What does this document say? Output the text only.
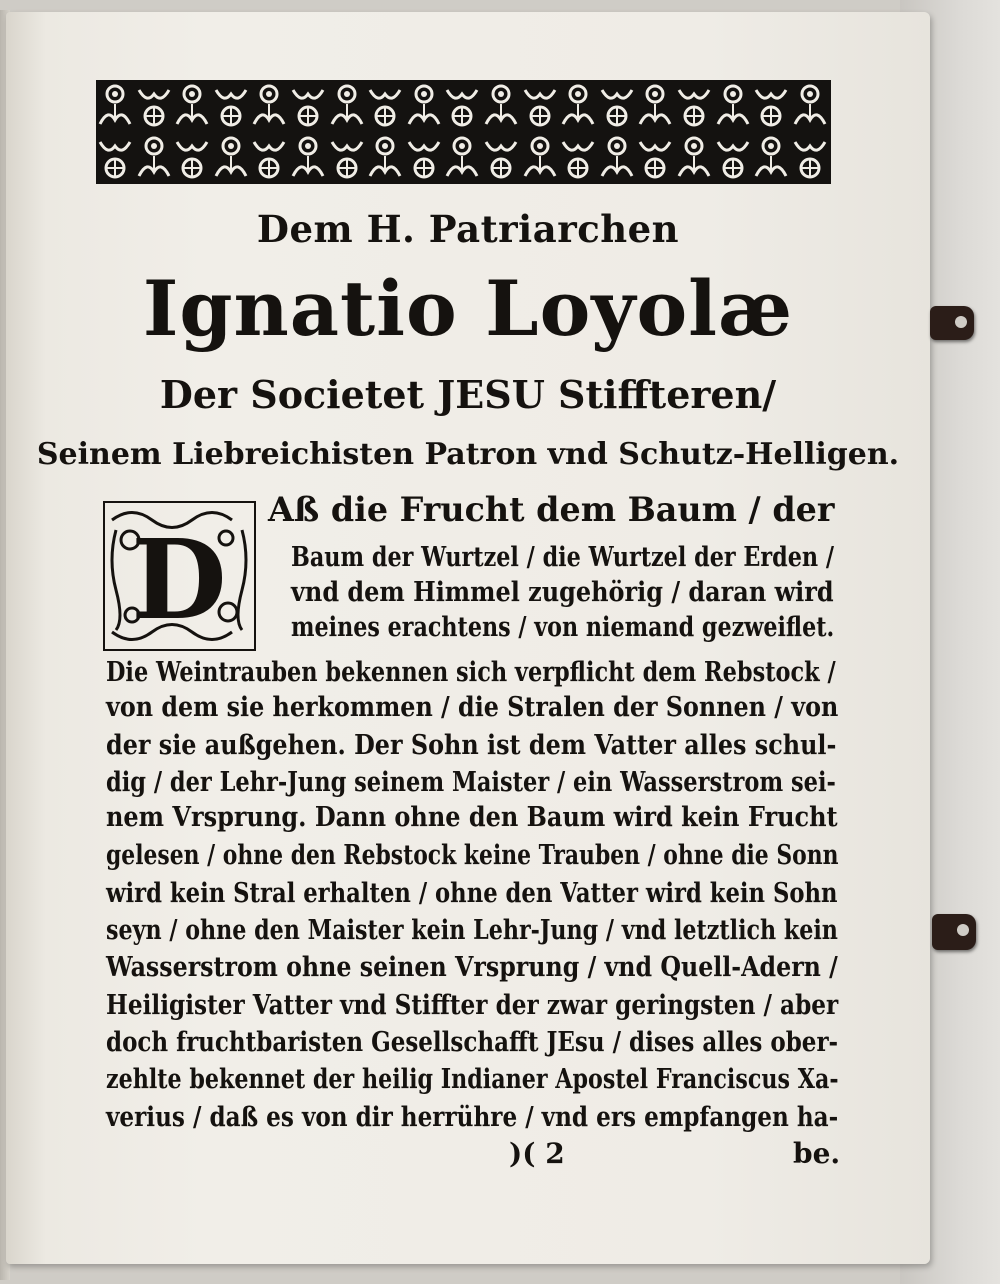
Dem H. Patriarchen
Ignatio Loyolæ
Der Societet JESU Stiffteren/
Seinem Liebreichisten Patron vnd Schutz-Helligen.
D
Aß die Frucht dem Baum / der
Baum der Wurtzel / die Wurtzel der Erden /
vnd dem Himmel zugehörig / daran wird
meines erachtens / von niemand gezweiflet.
Die Weintrauben bekennen sich verpflicht dem Rebstock /
von dem sie herkommen / die Stralen der Sonnen / von
der sie außgehen. Der Sohn ist dem Vatter alles schul-
dig / der Lehr-Jung seinem Maister / ein Wasserstrom sei-
nem Vrsprung. Dann ohne den Baum wird kein Frucht
gelesen / ohne den Rebstock keine Trauben / ohne die Sonn
wird kein Stral erhalten / ohne den Vatter wird kein Sohn
seyn / ohne den Maister kein Lehr-Jung / vnd letztlich kein
Wasserstrom ohne seinen Vrsprung / vnd Quell-Adern /
Heiligister Vatter vnd Stiffter der zwar geringsten / aber
doch fruchtbaristen Gesellschafft JEsu / dises alles ober-
zehlte bekennet der heilig Indianer Apostel Franciscus Xa-
verius / daß es von dir herrühre / vnd ers empfangen ha-
)( 2	be.
